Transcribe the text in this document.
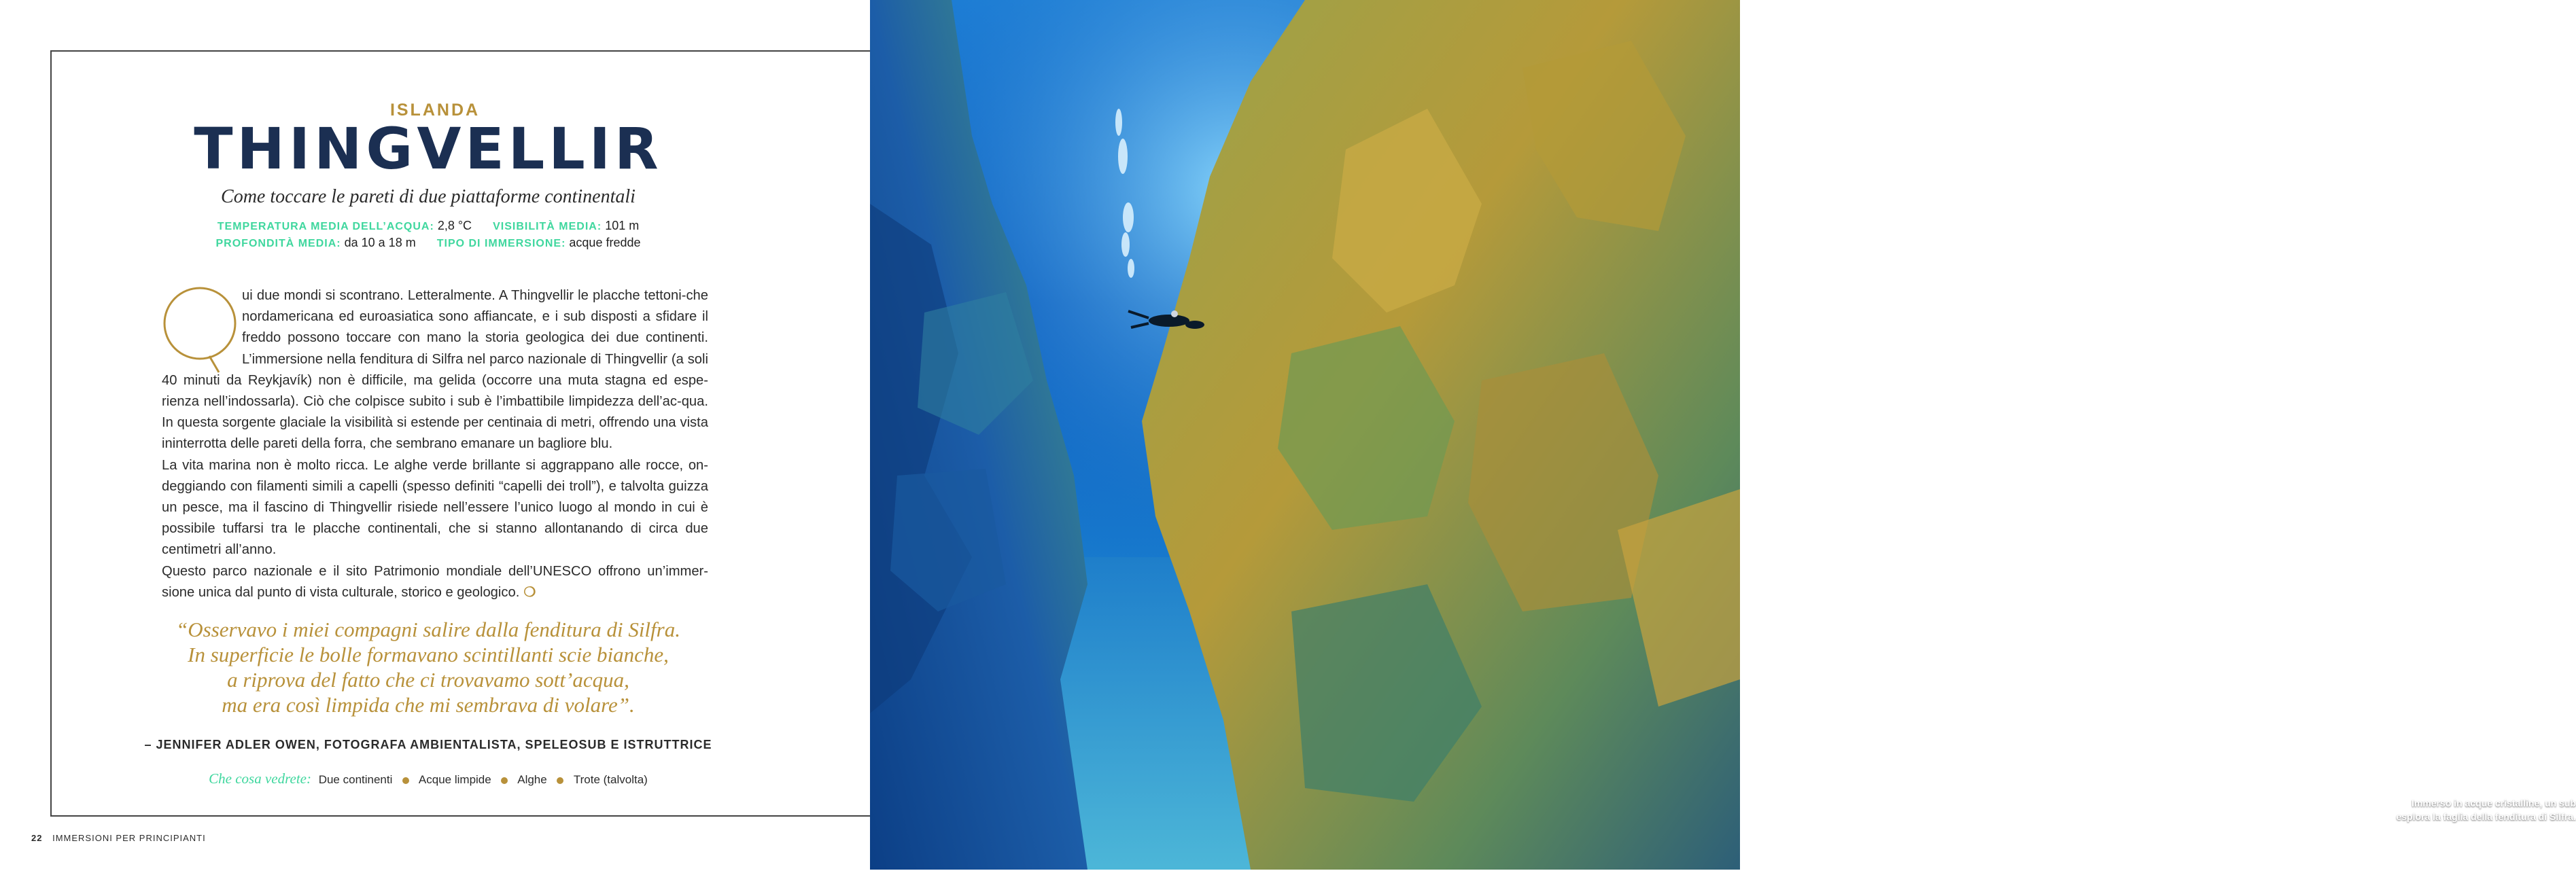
ISLANDA
THINGVELLIR
Come toccare le pareti di due piattaforme continentali
TEMPERATURA MEDIA DELL’ACQUA: 2,8 °C VISIBILITÀ MEDIA: 101 m
PROFONDITÀ MEDIA: da 10 a 18 m TIPO DI IMMERSIONE: acque fredde

ui due mondi si scontrano. Letteralmente. A Thingvellir le placche tettoni-che nordamericana ed euroasiatica sono affiancate, e i sub disposti a sfidare il freddo possono toccare con mano la storia geologica dei due continenti. L’immersione nella fenditura di Silfra nel parco nazionale di Thingvellir (a soli 40 minuti da Reykjavík) non è difficile, ma gelida (occorre una muta stagna ed espe-rienza nell’indossarla). Ciò che colpisce subito i sub è l’imbattibile limpidezza dell’ac-qua. In questa sorgente glaciale la visibilità si estende per centinaia di metri, offrendo una vista ininterrotta delle pareti della forra, che sembrano emanare un bagliore blu.

La vita marina non è molto ricca. Le alghe verde brillante si aggrappano alle rocce, on-deggiando con filamenti simili a capelli (spesso definiti “capelli dei troll”), e talvolta guizza un pesce, ma il fascino di Thingvellir risiede nell’essere l’unico luogo al mondo in cui è possibile tuffarsi tra le placche continentali, che si stanno allontanando di circa due centimetri all’anno.

Questo parco nazionale e il sito Patrimonio mondiale dell’UNESCO offrono un’immer-sione unica dal punto di vista culturale, storico e geologico. ❍

“Osservavo i miei compagni salire dalla fenditura di Silfra.
In superficie le bolle formavano scintillanti scie bianche,
a riprova del fatto che ci trovavamo sott’acqua,
ma era così limpida che mi sembrava di volare”.
– JENNIFER ADLER OWEN, FOTOGRAFA AMBIENTALISTA, SPELEOSUB E ISTRUTTRICE
Che cosa vedrete: Due continenti Acque limpide Alghe Trote (talvolta)
22 IMMERSIONI PER PRINCIPIANTI
Immerso in acque cristalline, un sub
esplora la faglia della fenditura di Silfra.
